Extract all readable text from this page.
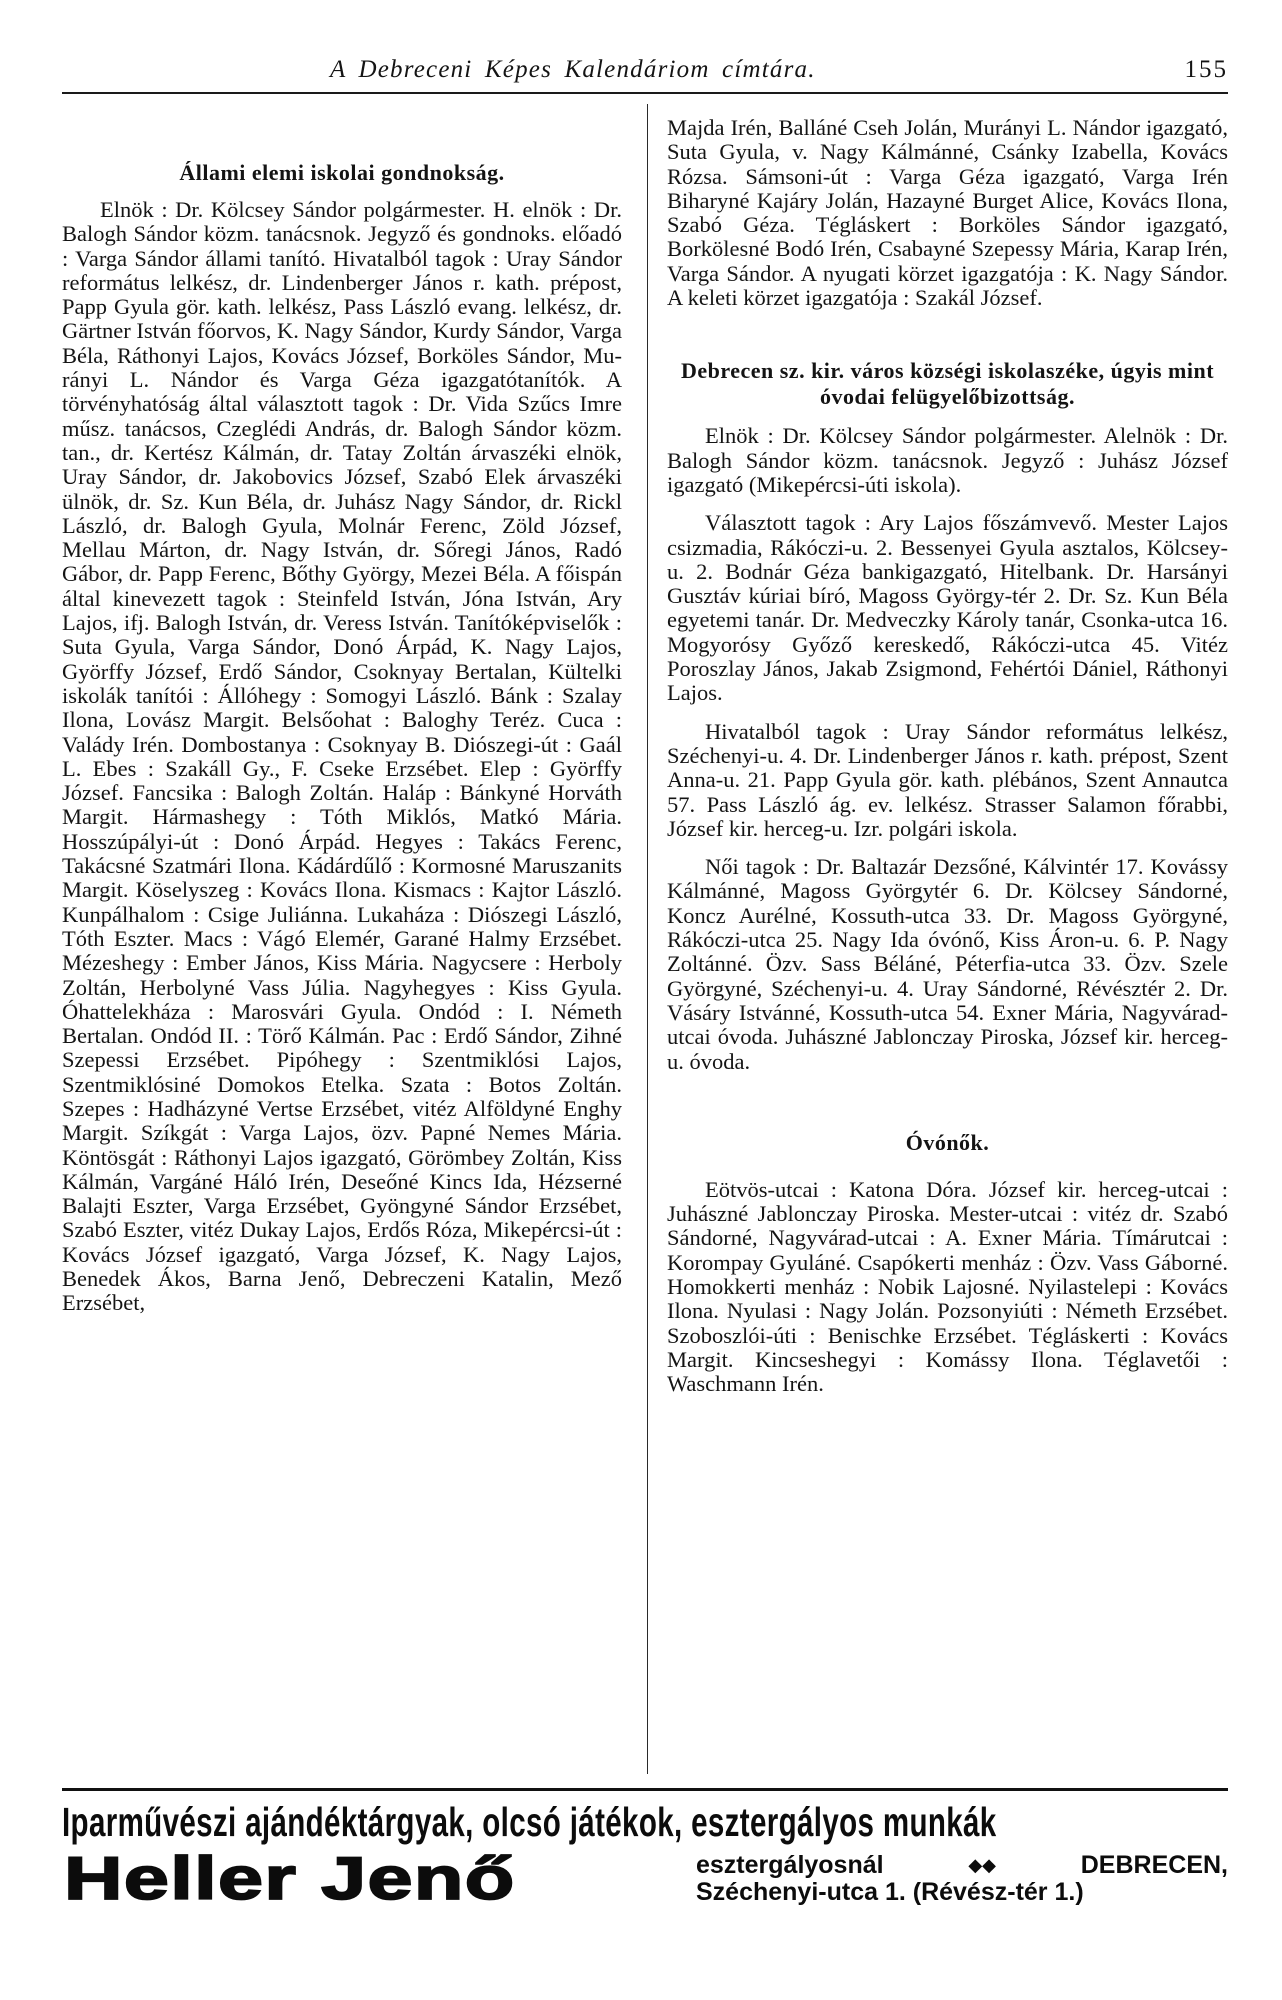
A Debreceni Képes Kalendáriom címtára.	155
Állami elemi iskolai gondnokság.

Elnök : Dr. Kölcsey Sándor polgármester. H. elnök : Dr. Balogh Sándor közm. tanácsnok. Jegyző és gondnoks. előadó : Varga Sándor állami tanító. Hivatalból tagok : Uray Sándor református lelkész, dr. Lindenberger János r. kath. prépost, Papp Gyula gör. kath. lelkész, Pass László evang. lelkész, dr. Gärtner István főorvos, K. Nagy Sándor, Kurdy Sándor, Varga Béla, Ráthonyi Lajos, Kovács József, Borköles Sándor, Murányi L. Nándor és Varga Géza igazgatótanítók. A törvényhatóság által választott tagok : Dr. Vida Szűcs Imre műsz. tanácsos, Czeglédi András, dr. Balogh Sándor közm. tan., dr. Kertész Kálmán, dr. Tatay Zoltán árvaszéki elnök, Uray Sándor, dr. Jakobovics József, Szabó Elek árvaszéki ülnök, dr. Sz. Kun Béla, dr. Juhász Nagy Sándor, dr. Rickl László, dr. Balogh Gyula, Molnár Ferenc, Zöld József, Mellau Márton, dr. Nagy István, dr. Sőregi János, Radó Gábor, dr. Papp Ferenc, Bőthy György, Mezei Béla. A főispán által kinevezett tagok : Steinfeld István, Jóna István, Ary Lajos, ifj. Balogh István, dr. Veress István. Tanítóképviselők : Suta Gyula, Varga Sándor, Donó Árpád, K. Nagy Lajos, Györffy József, Erdő Sándor, Csoknyay Bertalan, Kültelki iskolák tanítói : Állóhegy : Somogyi László. Bánk : Szalay Ilona, Lovász Margit. Belsőohat : Baloghy Teréz. Cuca : Valády Irén. Dombostanya : Csoknyay B. Diószegi-út : Gaál L. Ebes : Szakáll Gy., F. Cseke Erzsébet. Elep : Györffy József. Fancsika : Balogh Zoltán. Haláp : Bánkyné Horváth Margit. Hármashegy : Tóth Miklós, Matkó Mária. Hosszúpályi-út : Donó Árpád. Hegyes : Takács Ferenc, Takácsné Szatmári Ilona. Kádárdűlő : Kormosné Maruszanits Margit. Köselyszeg : Kovács Ilona. Kismacs : Kajtor László. Kunpálhalom : Csige Juliánna. Lukaháza : Diószegi László, Tóth Eszter. Macs : Vágó Elemér, Garané Halmy Erzsébet. Mézeshegy : Ember János, Kiss Mária. Nagycsere : Herboly Zoltán, Herbolyné Vass Júlia. Nagyhegyes : Kiss Gyula. Óhattelekháza : Marosvári Gyula. Ondód : I. Németh Bertalan. Ondód II. : Törő Kálmán. Pac : Erdő Sándor, Zihné Szepessi Erzsébet. Pipóhegy : Szentmiklósi Lajos, Szentmiklósiné Domokos Etelka. Szata : Botos Zoltán. Szepes : Hadházyné Vertse Erzsébet, vitéz Alföldyné Enghy Margit. Szíkgát : Varga Lajos, özv. Papné Nemes Mária. Köntösgát : Ráthonyi Lajos igazgató, Görömbey Zoltán, Kiss Kálmán, Vargáné Háló Irén, Deseőné Kincs Ida, Hézserné Balajti Eszter, Varga Erzsébet, Gyöngyné Sándor Erzsébet, Szabó Eszter, vitéz Dukay Lajos, Erdős Róza, Mikepércsi-út : Kovács József igazgató, Varga József, K. Nagy Lajos, Benedek Ákos, Barna Jenő, Debreczeni Katalin, Mező Erzsébet,

Majda Irén, Balláné Cseh Jolán, Murányi L. Nándor igazgató, Suta Gyula, v. Nagy Kálmánné, Csánky Izabella, Kovács Rózsa. Sámsoni-út : Varga Géza igazgató, Varga Irén Biharyné Kajáry Jolán, Hazayné Burget Alice, Kovács Ilona, Szabó Géza. Tégláskert : Borköles Sándor igazgató, Borkölesné Bodó Irén, Csabayné Szepessy Mária, Karap Irén, Varga Sándor. A nyugati körzet igazgatója : K. Nagy Sándor. A keleti körzet igazgatója : Szakál József.

Debrecen sz. kir. város községi iskolaszéke, úgyis mint óvodai felügyelőbizottság.

Elnök : Dr. Kölcsey Sándor polgármester. Alelnök : Dr. Balogh Sándor közm. tanácsnok. Jegyző : Juhász József igazgató (Mikepércsi-úti iskola).

Választott tagok : Ary Lajos főszámvevő. Mester Lajos csizmadia, Rákóczi-u. 2. Bessenyei Gyula asztalos, Kölcsey-u. 2. Bodnár Géza bankigazgató, Hitelbank. Dr. Harsányi Gusztáv kúriai bíró, Magoss György-tér 2. Dr. Sz. Kun Béla egyetemi tanár. Dr. Medveczky Károly tanár, Csonka-utca 16. Mogyorósy Győző kereskedő, Rákóczi-utca 45. Vitéz Poroszlay János, Jakab Zsigmond, Fehértói Dániel, Ráthonyi Lajos.

Hivatalból tagok : Uray Sándor református lelkész, Széchenyi-u. 4. Dr. Lindenberger János r. kath. prépost, Szent Anna-u. 21. Papp Gyula gör. kath. plébános, Szent Annautca 57. Pass László ág. ev. lelkész. Strasser Salamon főrabbi, József kir. herceg-u. Izr. polgári iskola.

Női tagok : Dr. Baltazár Dezsőné, Kálvintér 17. Kovássy Kálmánné, Magoss Györgytér 6. Dr. Kölcsey Sándorné, Koncz Aurélné, Kossuth-utca 33. Dr. Magoss Györgyné, Rákóczi-utca 25. Nagy Ida óvónő, Kiss Áron-u. 6. P. Nagy Zoltánné. Özv. Sass Béláné, Péterfia-utca 33. Özv. Szele Györgyné, Széchenyi-u. 4. Uray Sándorné, Révésztér 2. Dr. Vásáry Istvánné, Kossuth-utca 54. Exner Mária, Nagyvárad-utcai óvoda. Juhászné Jablonczay Piroska, József kir. herceg-u. óvoda.

Óvónők.

Eötvös-utcai : Katona Dóra. József kir. herceg-utcai : Juhászné Jablonczay Piroska. Mester-utcai : vitéz dr. Szabó Sándorné, Nagyvárad-utcai : A. Exner Mária. Tímárutcai : Korompay Gyuláné. Csapókerti menház : Özv. Vass Gáborné. Homokkerti menház : Nobik Lajosné. Nyilastelepi : Kovács Ilona. Nyulasi : Nagy Jolán. Pozsonyiúti : Németh Erzsébet. Szoboszlói-úti : Benischke Erzsébet. Tégláskerti : Kovács Margit. Kincseshegyi : Komássy Ilona. Téglavetői : Waschmann Irén.

Iparművészi ajándéktárgyak, olcsó játékok, esztergályos munkák
Heller Jenő	esztergályosnál	◆◆	DEBRECEN,
Széchenyi-utca 1. (Révész-tér 1.)
